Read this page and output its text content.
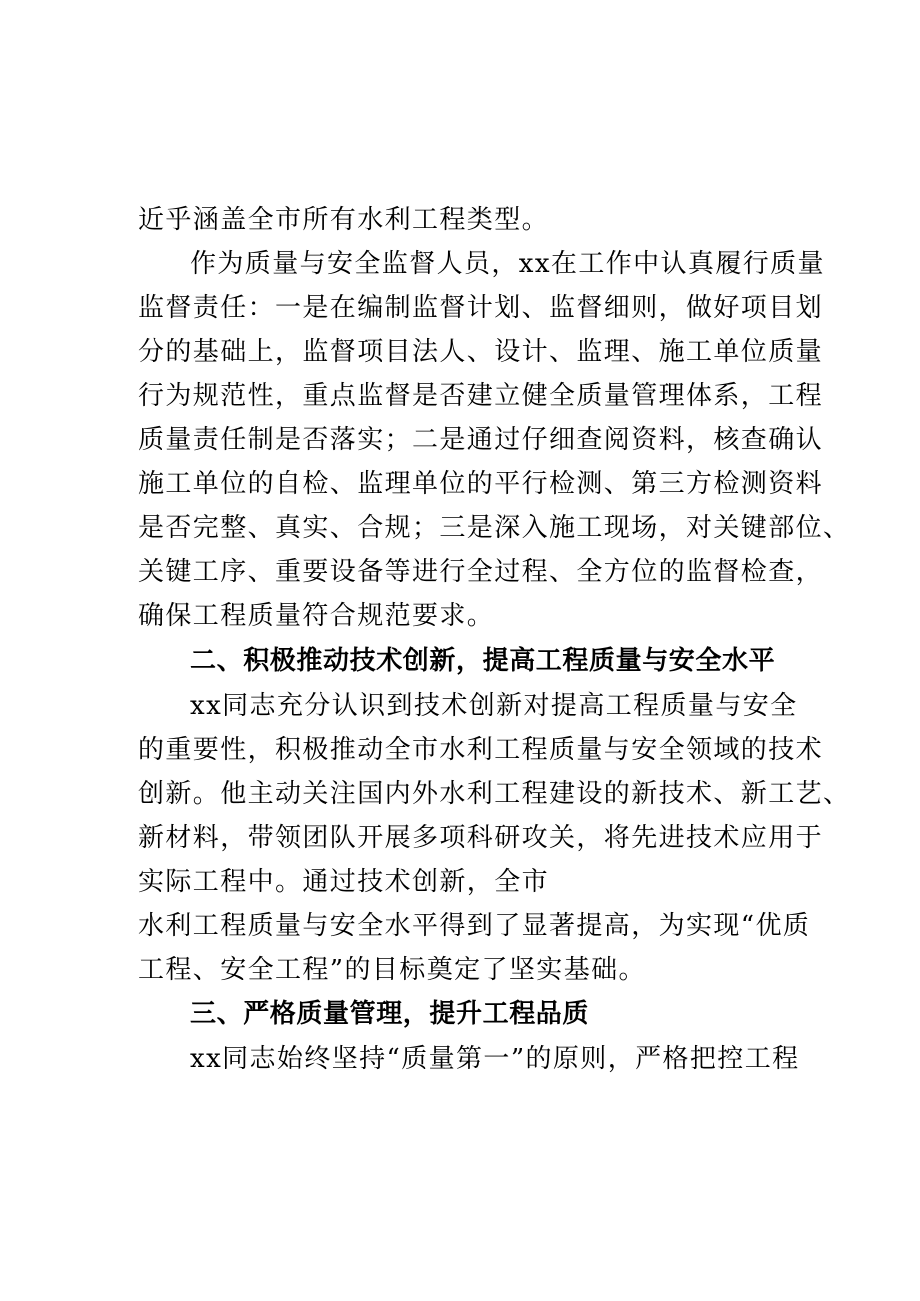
近乎涵盖全市所有水利工程类型。
作为质量与安全监督人员，xx在工作中认真履行质量
监督责任：一是在编制监督计划、监督细则，做好项目划
分的基础上，监督项目法人、设计、监理、施工单位质量
行为规范性，重点监督是否建立健全质量管理体系，工程
质量责任制是否落实；二是通过仔细查阅资料，核查确认
施工单位的自检、监理单位的平行检测、第三方检测资料
是否完整、真实、合规；三是深入施工现场，对关键部位、
关键工序、重要设备等进行全过程、全方位的监督检查，
确保工程质量符合规范要求。
二、积极推动技术创新，提高工程质量与安全水平
xx同志充分认识到技术创新对提高工程质量与安全
的重要性，积极推动全市水利工程质量与安全领域的技术
创新。他主动关注国内外水利工程建设的新技术、新工艺、
新材料，带领团队开展多项科研攻关，将先进技术应用于
实际工程中。通过技术创新，全市
水利工程质量与安全水平得到了显著提高，为实现“优质
工程、安全工程”的目标奠定了坚实基础。
三、严格质量管理，提升工程品质
xx同志始终坚持“质量第一”的原则，严格把控工程
